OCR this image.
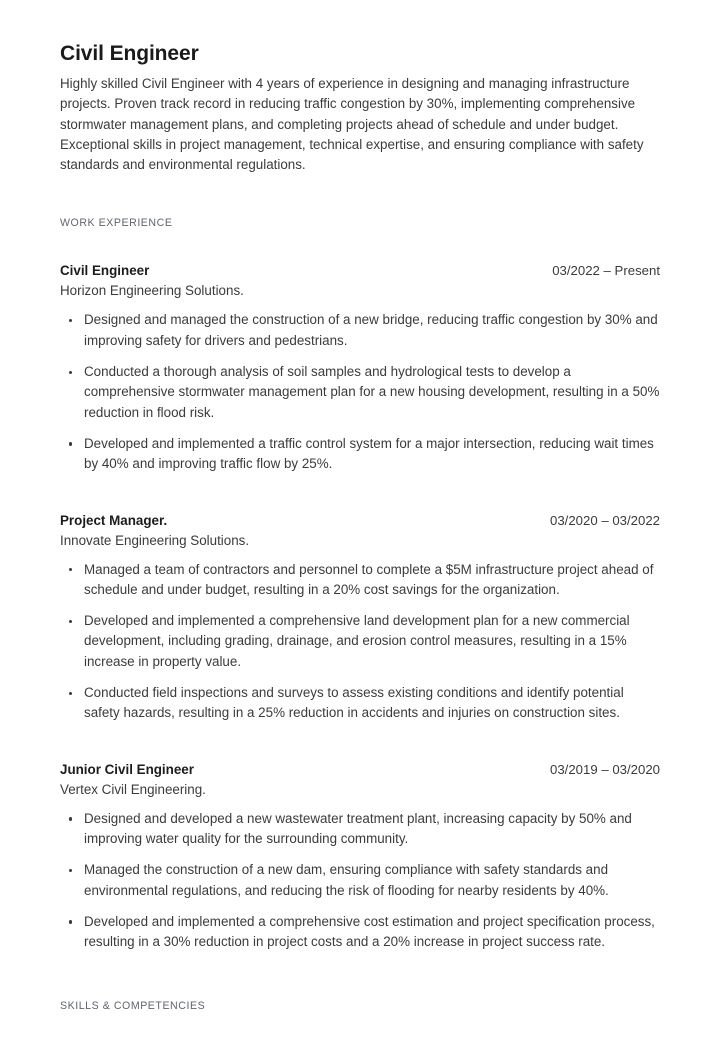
Civil Engineer

Highly skilled Civil Engineer with 4 years of experience in designing and managing infrastructure projects. Proven track record in reducing traffic congestion by 30%, implementing comprehensive stormwater management plans, and completing projects ahead of schedule and under budget. Exceptional skills in project management, technical expertise, and ensuring compliance with safety standards and environmental regulations.

WORK EXPERIENCE
Civil Engineer	03/2022 – Present
Horizon Engineering Solutions.
Designed and managed the construction of a new bridge, reducing traffic congestion by 30% and improving safety for drivers and pedestrians.
Conducted a thorough analysis of soil samples and hydrological tests to develop a comprehensive stormwater management plan for a new housing development, resulting in a 50% reduction in flood risk.
Developed and implemented a traffic control system for a major intersection, reducing wait times by 40% and improving traffic flow by 25%.
Project Manager.	03/2020 – 03/2022
Innovate Engineering Solutions.
Managed a team of contractors and personnel to complete a $5M infrastructure project ahead of schedule and under budget, resulting in a 20% cost savings for the organization.
Developed and implemented a comprehensive land development plan for a new commercial development, including grading, drainage, and erosion control measures, resulting in a 15% increase in property value.
Conducted field inspections and surveys to assess existing conditions and identify potential safety hazards, resulting in a 25% reduction in accidents and injuries on construction sites.
Junior Civil Engineer	03/2019 – 03/2020
Vertex Civil Engineering.
Designed and developed a new wastewater treatment plant, increasing capacity by 50% and improving water quality for the surrounding community.
Managed the construction of a new dam, ensuring compliance with safety standards and environmental regulations, and reducing the risk of flooding for nearby residents by 40%.
Developed and implemented a comprehensive cost estimation and project specification process, resulting in a 30% reduction in project costs and a 20% increase in project success rate.
SKILLS & COMPETENCIES
